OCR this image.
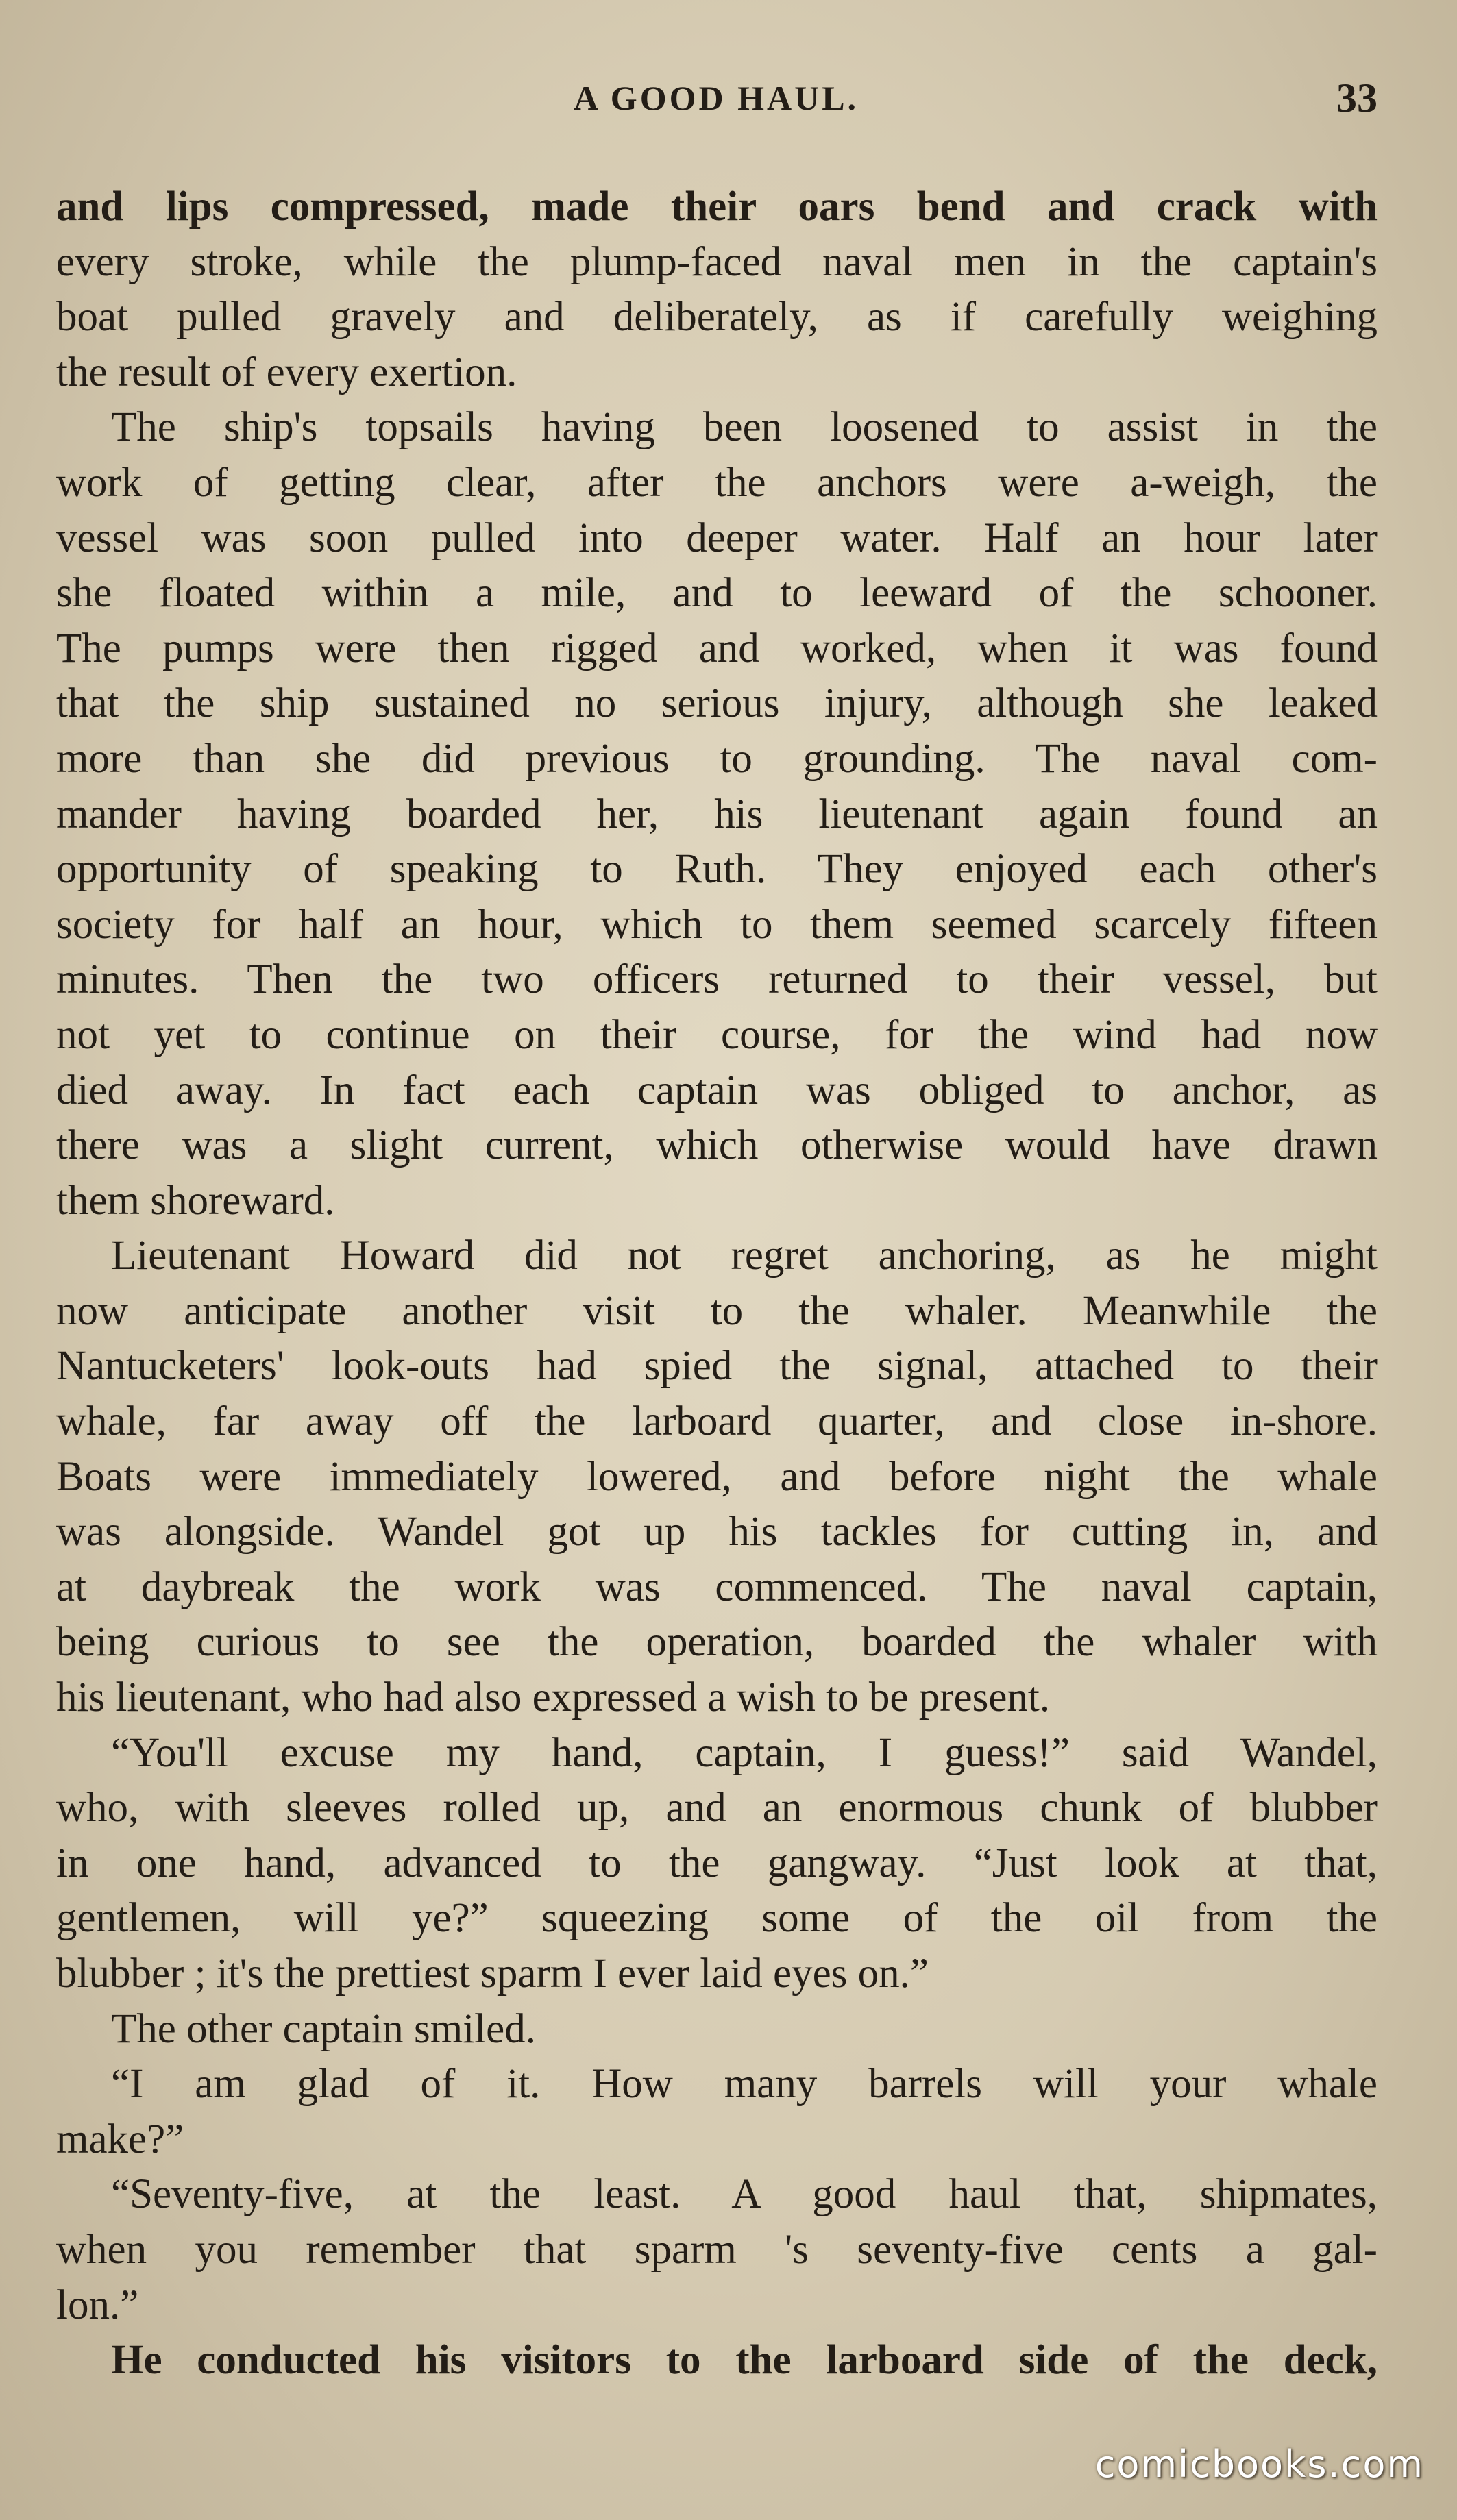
A GOOD HAUL.	33
and lips compressed, made their oars bend and crack with
every stroke, while the plump-faced naval men in the captain's
boat pulled gravely and deliberately, as if carefully weighing
the result of every exertion.
The ship's topsails having been loosened to assist in the
work of getting clear, after the anchors were a-weigh, the
vessel was soon pulled into deeper water. Half an hour later
she floated within a mile, and to leeward of the schooner.
The pumps were then rigged and worked, when it was found
that the ship sustained no serious injury, although she leaked
more than she did previous to grounding. The naval com-
mander having boarded her, his lieutenant again found an
opportunity of speaking to Ruth. They enjoyed each other's
society for half an hour, which to them seemed scarcely fifteen
minutes. Then the two officers returned to their vessel, but
not yet to continue on their course, for the wind had now
died away. In fact each captain was obliged to anchor, as
there was a slight current, which otherwise would have drawn
them shoreward.
Lieutenant Howard did not regret anchoring, as he might
now anticipate another visit to the whaler. Meanwhile the
Nantucketers' look-outs had spied the signal, attached to their
whale, far away off the larboard quarter, and close in-shore.
Boats were immediately lowered, and before night the whale
was alongside. Wandel got up his tackles for cutting in, and
at daybreak the work was commenced. The naval captain,
being curious to see the operation, boarded the whaler with
his lieutenant, who had also expressed a wish to be present.
“You'll excuse my hand, captain, I guess!” said Wandel,
who, with sleeves rolled up, and an enormous chunk of blubber
in one hand, advanced to the gangway. “Just look at that,
gentlemen, will ye?” squeezing some of the oil from the
blubber ; it's the prettiest sparm I ever laid eyes on.”
The other captain smiled.
“I am glad of it. How many barrels will your whale
make?”
“Seventy-five, at the least. A good haul that, shipmates,
when you remember that sparm 's seventy-five cents a gal-
lon.”
He conducted his visitors to the larboard side of the deck,
comicbooks.com
